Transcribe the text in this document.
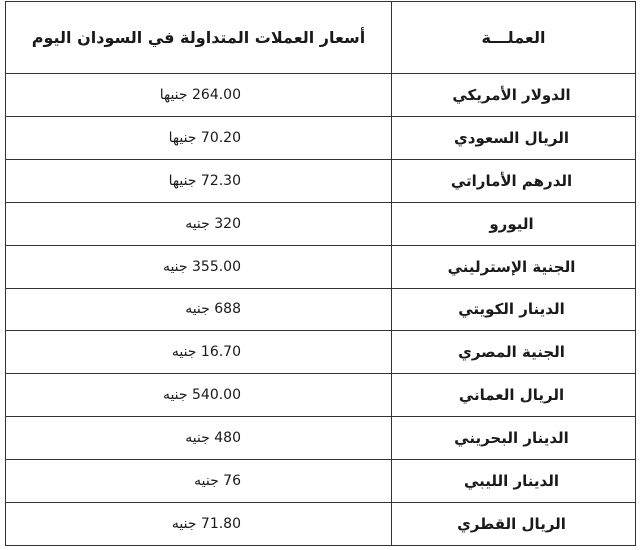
العملـــة	أسعار العملات المتداولة في السودان اليوم
الدولار الأمريكي	264.00 جنيها
الريال السعودي	70.20 جنيها
الدرهم الأماراتي	72.30 جنيها
اليورو	320 جنيه
الجنية الإسترليني	355.00 جنيه
الدينار الكويتي	688 جنيه
الجنية المصري	16.70 جنيه
الريال العماني	540.00 جنيه
الدينار البحريني	480 جنيه
الدينار الليبي	76 جنيه
الريال القطري	71.80 جنيه
